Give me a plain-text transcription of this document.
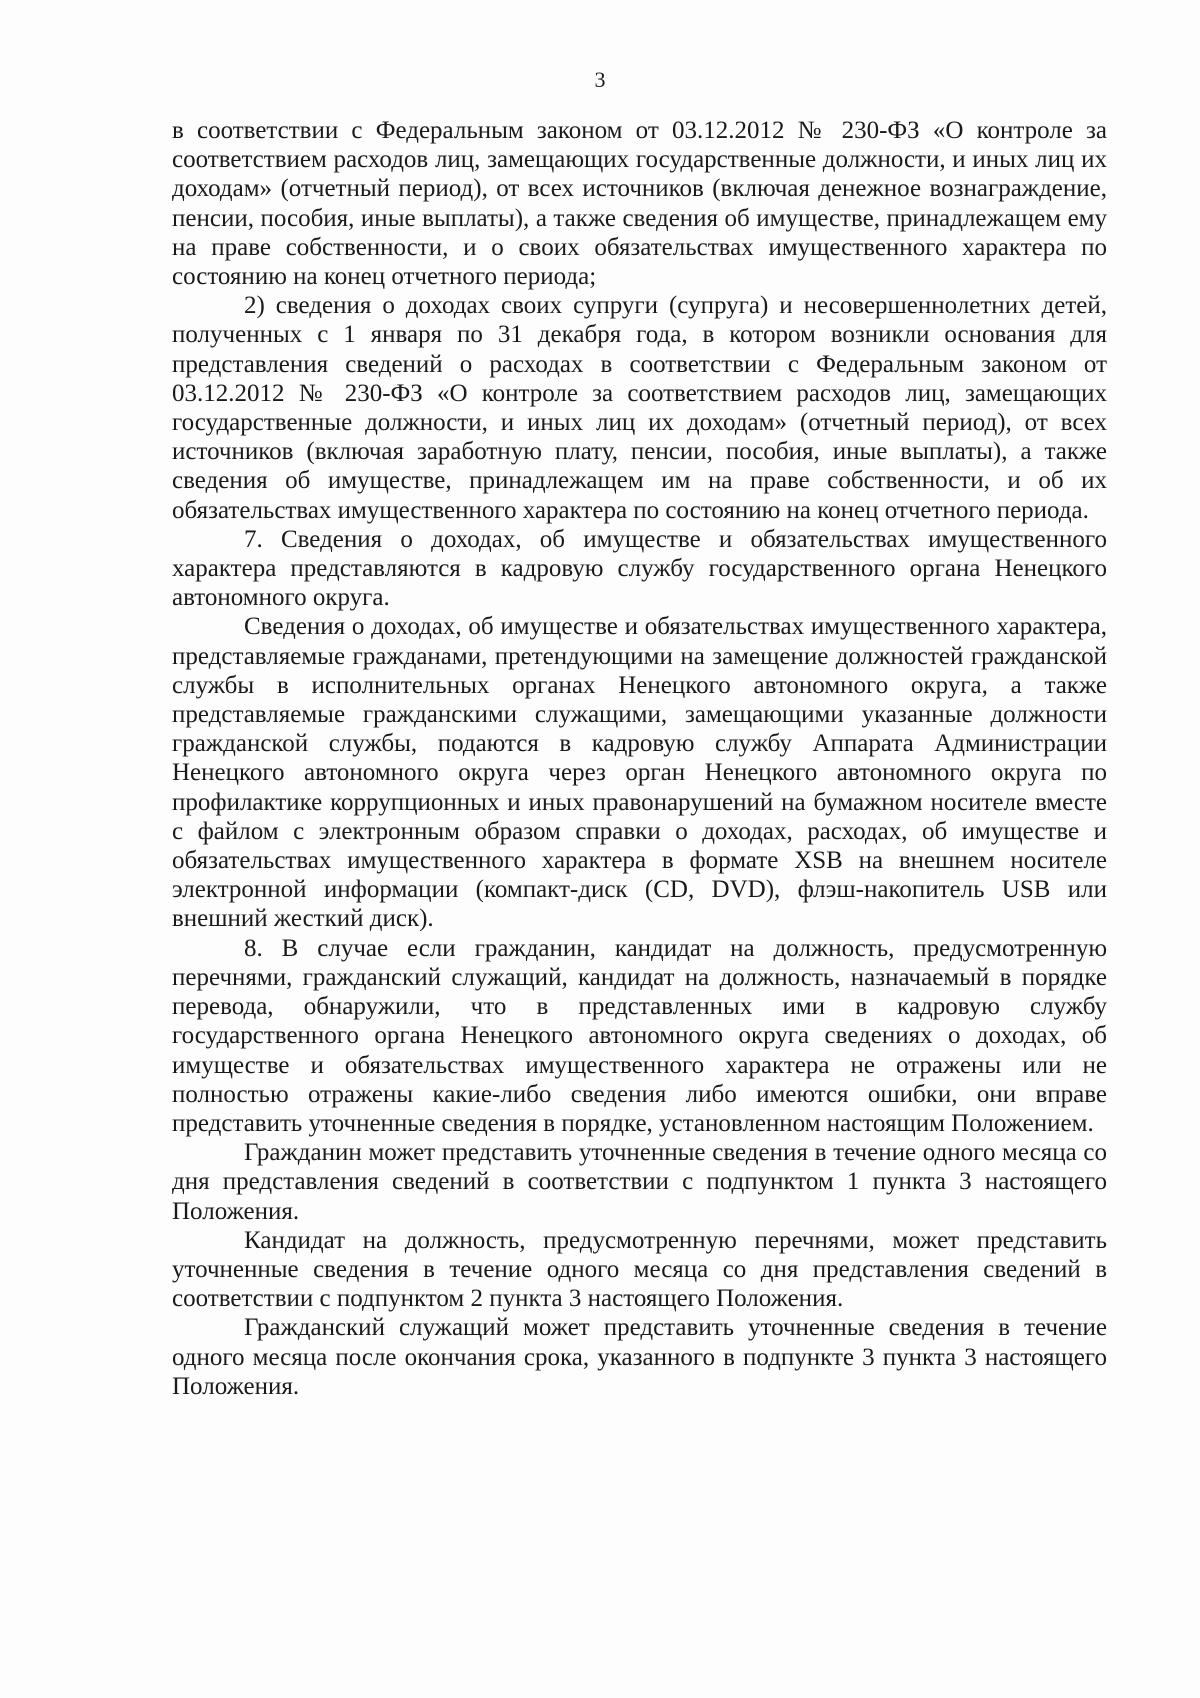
3

в соответствии с Федеральным законом от 03.12.2012 № 230-ФЗ «О контроле за соответствием расходов лиц, замещающих государственные должности, и иных лиц их доходам» (отчетный период), от всех источников (включая денежное вознаграждение, пенсии, пособия, иные выплаты), а также сведения об имуществе, принадлежащем ему на праве собственности, и о своих обязательствах имущественного характера по состоянию на конец отчетного периода;

2) сведения о доходах своих супруги (супруга) и несовершеннолетних детей, полученных с 1 января по 31 декабря года, в котором возникли основания для представления сведений о расходах в соответствии с Федеральным законом от 03.12.2012 № 230-ФЗ «О контроле за соответствием расходов лиц, замещающих государственные должности, и иных лиц их доходам» (отчетный период), от всех источников (включая заработную плату, пенсии, пособия, иные выплаты), а также сведения об имуществе, принадлежащем им на праве собственности, и об их обязательствах имущественного характера по состоянию на конец отчетного периода.

7. Сведения о доходах, об имуществе и обязательствах имущественного характера представляются в кадровую службу государственного органа Ненецкого автономного округа.

Сведения о доходах, об имуществе и обязательствах имущественного характера, представляемые гражданами, претендующими на замещение должностей гражданской службы в исполнительных органах Ненецкого автономного округа, а также представляемые гражданскими служащими, замещающими указанные должности гражданской службы, подаются в кадровую службу Аппарата Администрации Ненецкого автономного округа через орган Ненецкого автономного округа по профилактике коррупционных и иных правонарушений на бумажном носителе вместе с файлом с электронным образом справки о доходах, расходах, об имуществе и обязательствах имущественного характера в формате XSB на внешнем носителе электронной информации (компакт-диск (CD, DVD), флэш-накопитель USB или внешний жесткий диск).

8. В случае если гражданин, кандидат на должность, предусмотренную перечнями, гражданский служащий, кандидат на должность, назначаемый в порядке перевода, обнаружили, что в представленных ими в кадровую службу государственного органа Ненецкого автономного округа сведениях о доходах, об имуществе и обязательствах имущественного характера не отражены или не полностью отражены какие-либо сведения либо имеются ошибки, они вправе представить уточненные сведения в порядке, установленном настоящим Положением.

Гражданин может представить уточненные сведения в течение одного месяца со дня представления сведений в соответствии с подпунктом 1 пункта 3 настоящего Положения.

Кандидат на должность, предусмотренную перечнями, может представить уточненные сведения в течение одного месяца со дня представления сведений в соответствии с подпунктом 2 пункта 3 настоящего Положения.

Гражданский служащий может представить уточненные сведения в течение одного месяца после окончания срока, указанного в подпункте 3 пункта 3 настоящего Положения.
